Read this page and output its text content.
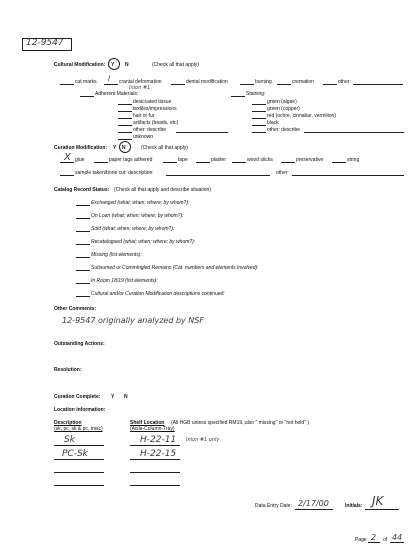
12-9547
Cultural Modification: Y N	(Check all that apply)
cut marks / cranial deformation
Inion #1
dental modification	burning	cremation	other:
Adherent Materials:
desiccated tissue
textiles/impressions
hair or fur
artifacts (beads, etc)
other: describe
unknown
Staining:
green (algae)
green (copper)
red (ochre, cinnabar, vermilion)
black
other: describe
Curation Modification: Y N	(Check all that apply)
X glue	paper tags adhered	tape	plaster	wood sticks	preservative	string
sample taken/bone cut: description:	other:
Catalog Record Status: (Check all that apply and describe situation)
Exchanged (what; when; where; by whom?):
On Loan (what; when; where; by whom?):
Sold (what; when; where; by whom?):
Recatalogued (what; when; where; by whom?):
Missing (list elements):
Subsumed or Commingled Remains (Cat. numbers and elements involved):
In Room 18/19 (list elements):
Cultural and/or Curation Modification descriptions continued:
Other Comments:
12-9547 originally analyzed by NSF
Outstanding Actions:
Resolution:
Curation Complete: Y N
Location information:
Description
(sk, pc, sk & pc, misc)
Shelf Location (All HGB unless specified RM19.;also " missing" or "not held" )
(Aisle-Column-Tray)
Sk	H-22-11 Inion #1 only
PC-Sk	H-22-15
Data Entry Date: 2/17/00	Initials: JK
Page 2 of 44
